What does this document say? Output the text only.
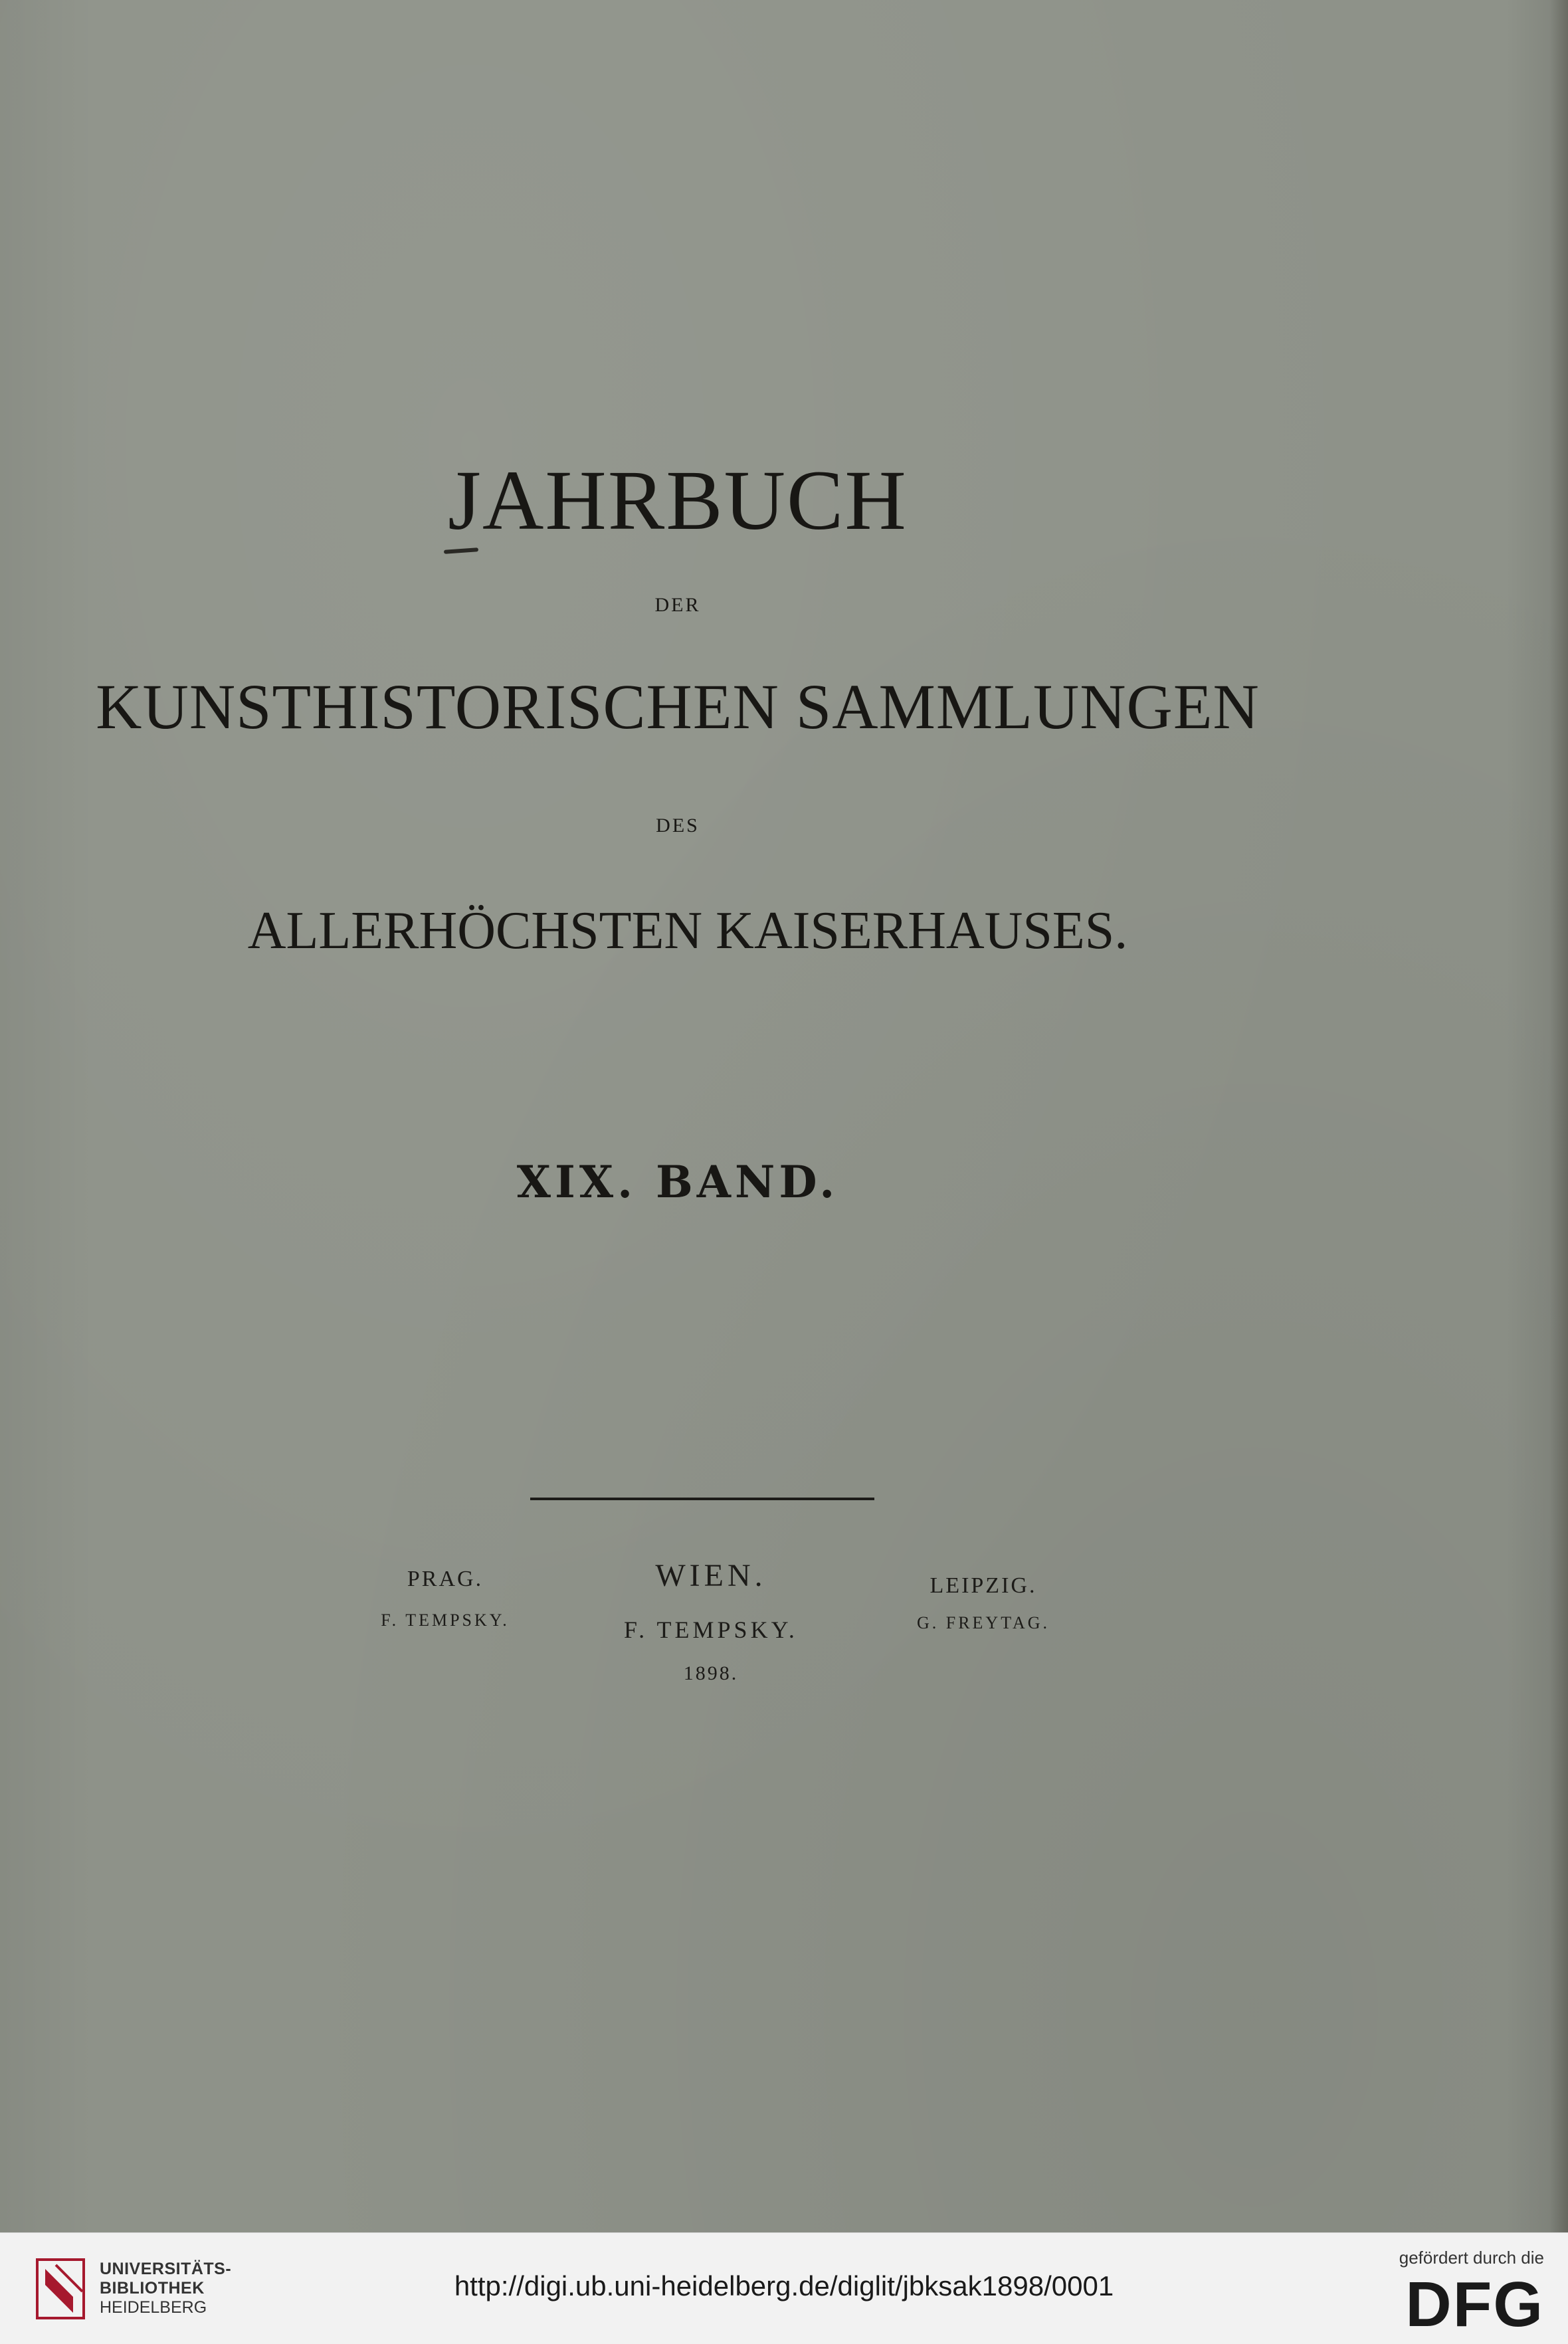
JAHRBUCH
DER
KUNSTHISTORISCHEN SAMMLUNGEN
DES
ALLERHÖCHSTEN KAISERHAUSES.
XIX. BAND.
PRAG.
F. TEMPSKY.
WIEN.
F. TEMPSKY.
1898.
LEIPZIG.
G. FREYTAG.
UNIVERSITÄTS-
BIBLIOTHEK
HEIDELBERG
http://digi.ub.uni-heidelberg.de/diglit/jbksak1898/0001
gefördert durch die
DFG
